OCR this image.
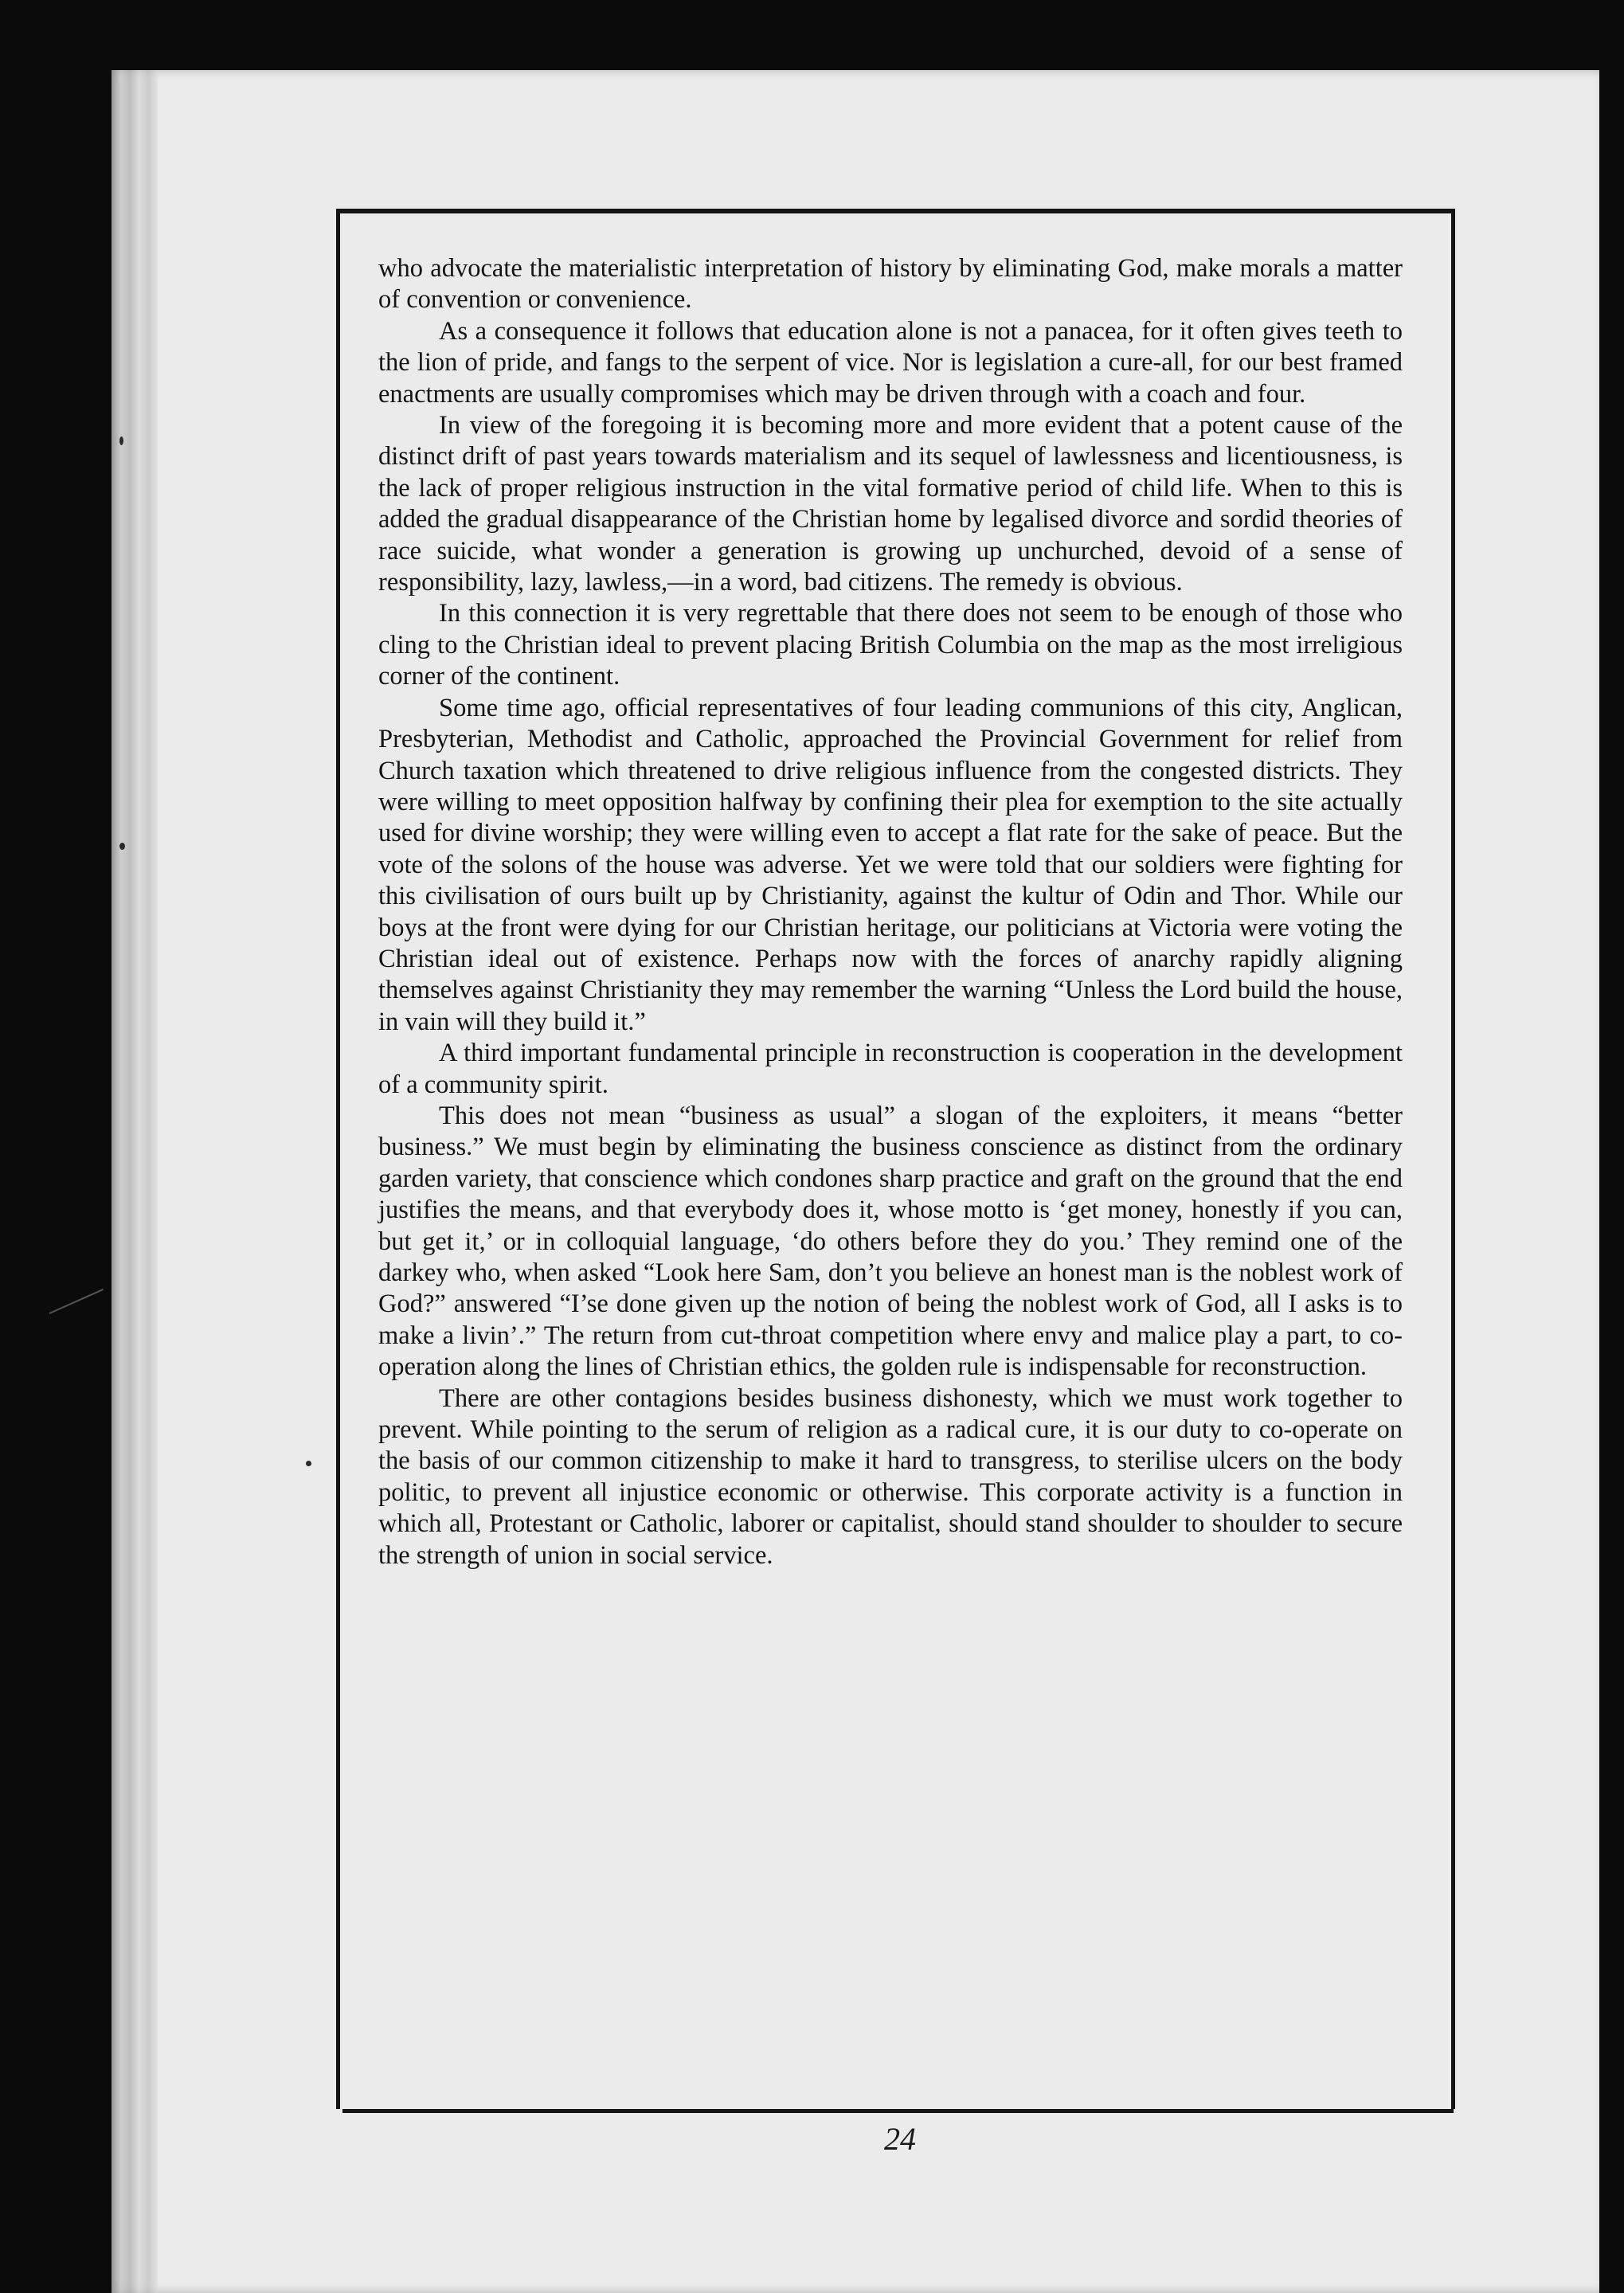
who advocate the materialistic interpretation of history by eliminating God, make morals a matter of convention or convenience.

As a consequence it follows that education alone is not a panacea, for it often gives teeth to the lion of pride, and fangs to the serpent of vice. Nor is legislation a cure-all, for our best framed enactments are usually compromises which may be driven through with a coach and four.

In view of the foregoing it is becoming more and more evident that a potent cause of the distinct drift of past years towards materialism and its sequel of lawlessness and licentiousness, is the lack of proper religious instruction in the vital formative period of child life. When to this is added the gradual disappearance of the Christian home by legalised divorce and sordid theories of race suicide, what wonder a generation is growing up unchurched, devoid of a sense of responsibility, lazy, lawless,—in a word, bad citizens. The remedy is obvious.

In this connection it is very regrettable that there does not seem to be enough of those who cling to the Christian ideal to prevent placing British Columbia on the map as the most irreligious corner of the continent.

Some time ago, official representatives of four leading communions of this city, Anglican, Presbyterian, Methodist and Catholic, approached the Provincial Government for relief from Church taxation which threatened to drive religious influence from the congested districts. They were willing to meet opposition halfway by confining their plea for exemption to the site actually used for divine worship; they were willing even to accept a flat rate for the sake of peace. But the vote of the solons of the house was adverse. Yet we were told that our soldiers were fighting for this civilisation of ours built up by Christianity, against the kultur of Odin and Thor. While our boys at the front were dying for our Christian heritage, our politicians at Victoria were voting the Christian ideal out of existence. Perhaps now with the forces of anarchy rapidly aligning themselves against Christianity they may remember the warning “Unless the Lord build the house, in vain will they build it.”

A third important fundamental principle in reconstruction is cooperation in the development of a community spirit.

This does not mean “business as usual” a slogan of the exploiters, it means “better business.” We must begin by eliminating the business conscience as distinct from the ordinary garden variety, that conscience which condones sharp practice and graft on the ground that the end justifies the means, and that everybody does it, whose motto is ‘get money, honestly if you can, but get it,’ or in colloquial language, ‘do others before they do you.’ They remind one of the darkey who, when asked “Look here Sam, don’t you believe an honest man is the noblest work of God?” answered “I’se done given up the notion of being the noblest work of God, all I asks is to make a livin’.” The return from cut-throat competition where envy and malice play a part, to co-operation along the lines of Christian ethics, the golden rule is indispensable for reconstruction.

There are other contagions besides business dishonesty, which we must work together to prevent. While pointing to the serum of religion as a radical cure, it is our duty to co-operate on the basis of our common citizenship to make it hard to transgress, to sterilise ulcers on the body politic, to prevent all injustice economic or otherwise. This corporate activity is a function in which all, Protestant or Catholic, laborer or capitalist, should stand shoulder to shoulder to secure the strength of union in social service.

24
